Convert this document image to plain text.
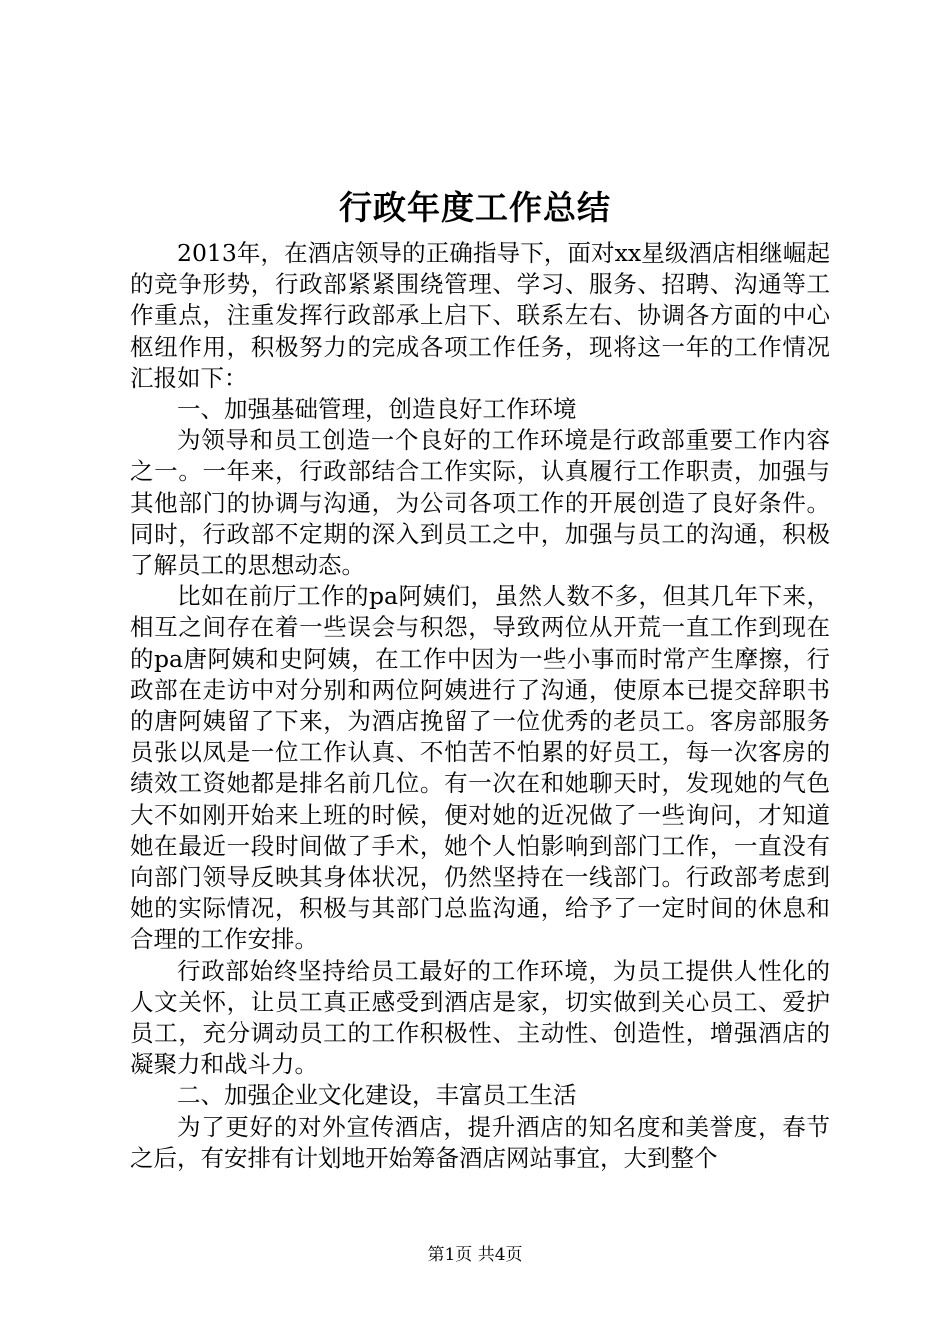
行政年度工作总结

2013年，在酒店领导的正确指导下，面对xx星级酒店相继崛起的竞争形势，行政部紧紧围绕管理、学习、服务、招聘、沟通等工作重点，注重发挥行政部承上启下、联系左右、协调各方面的中心枢纽作用，积极努力的完成各项工作任务，现将这一年的工作情况汇报如下：

一、加强基础管理，创造良好工作环境

为领导和员工创造一个良好的工作环境是行政部重要工作内容之一。一年来，行政部结合工作实际，认真履行工作职责，加强与其他部门的协调与沟通，为公司各项工作的开展创造了良好条件。同时，行政部不定期的深入到员工之中，加强与员工的沟通，积极了解员工的思想动态。

比如在前厅工作的pa阿姨们，虽然人数不多，但其几年下来，相互之间存在着一些误会与积怨，导致两位从开荒一直工作到现在的pa唐阿姨和史阿姨，在工作中因为一些小事而时常产生摩擦，行政部在走访中对分别和两位阿姨进行了沟通，使原本已提交辞职书的唐阿姨留了下来，为酒店挽留了一位优秀的老员工。客房部服务员张以凤是一位工作认真、不怕苦不怕累的好员工，每一次客房的绩效工资她都是排名前几位。有一次在和她聊天时，发现她的气色大不如刚开始来上班的时候，便对她的近况做了一些询问，才知道她在最近一段时间做了手术，她个人怕影响到部门工作，一直没有向部门领导反映其身体状况，仍然坚持在一线部门。行政部考虑到她的实际情况，积极与其部门总监沟通，给予了一定时间的休息和合理的工作安排。

行政部始终坚持给员工最好的工作环境，为员工提供人性化的人文关怀，让员工真正感受到酒店是家，切实做到关心员工、爱护员工，充分调动员工的工作积极性、主动性、创造性，增强酒店的凝聚力和战斗力。

二、加强企业文化建设，丰富员工生活

为了更好的对外宣传酒店，提升酒店的知名度和美誉度，春节之后，有安排有计划地开始筹备酒店网站事宜，大到整个

第1页 共4页
